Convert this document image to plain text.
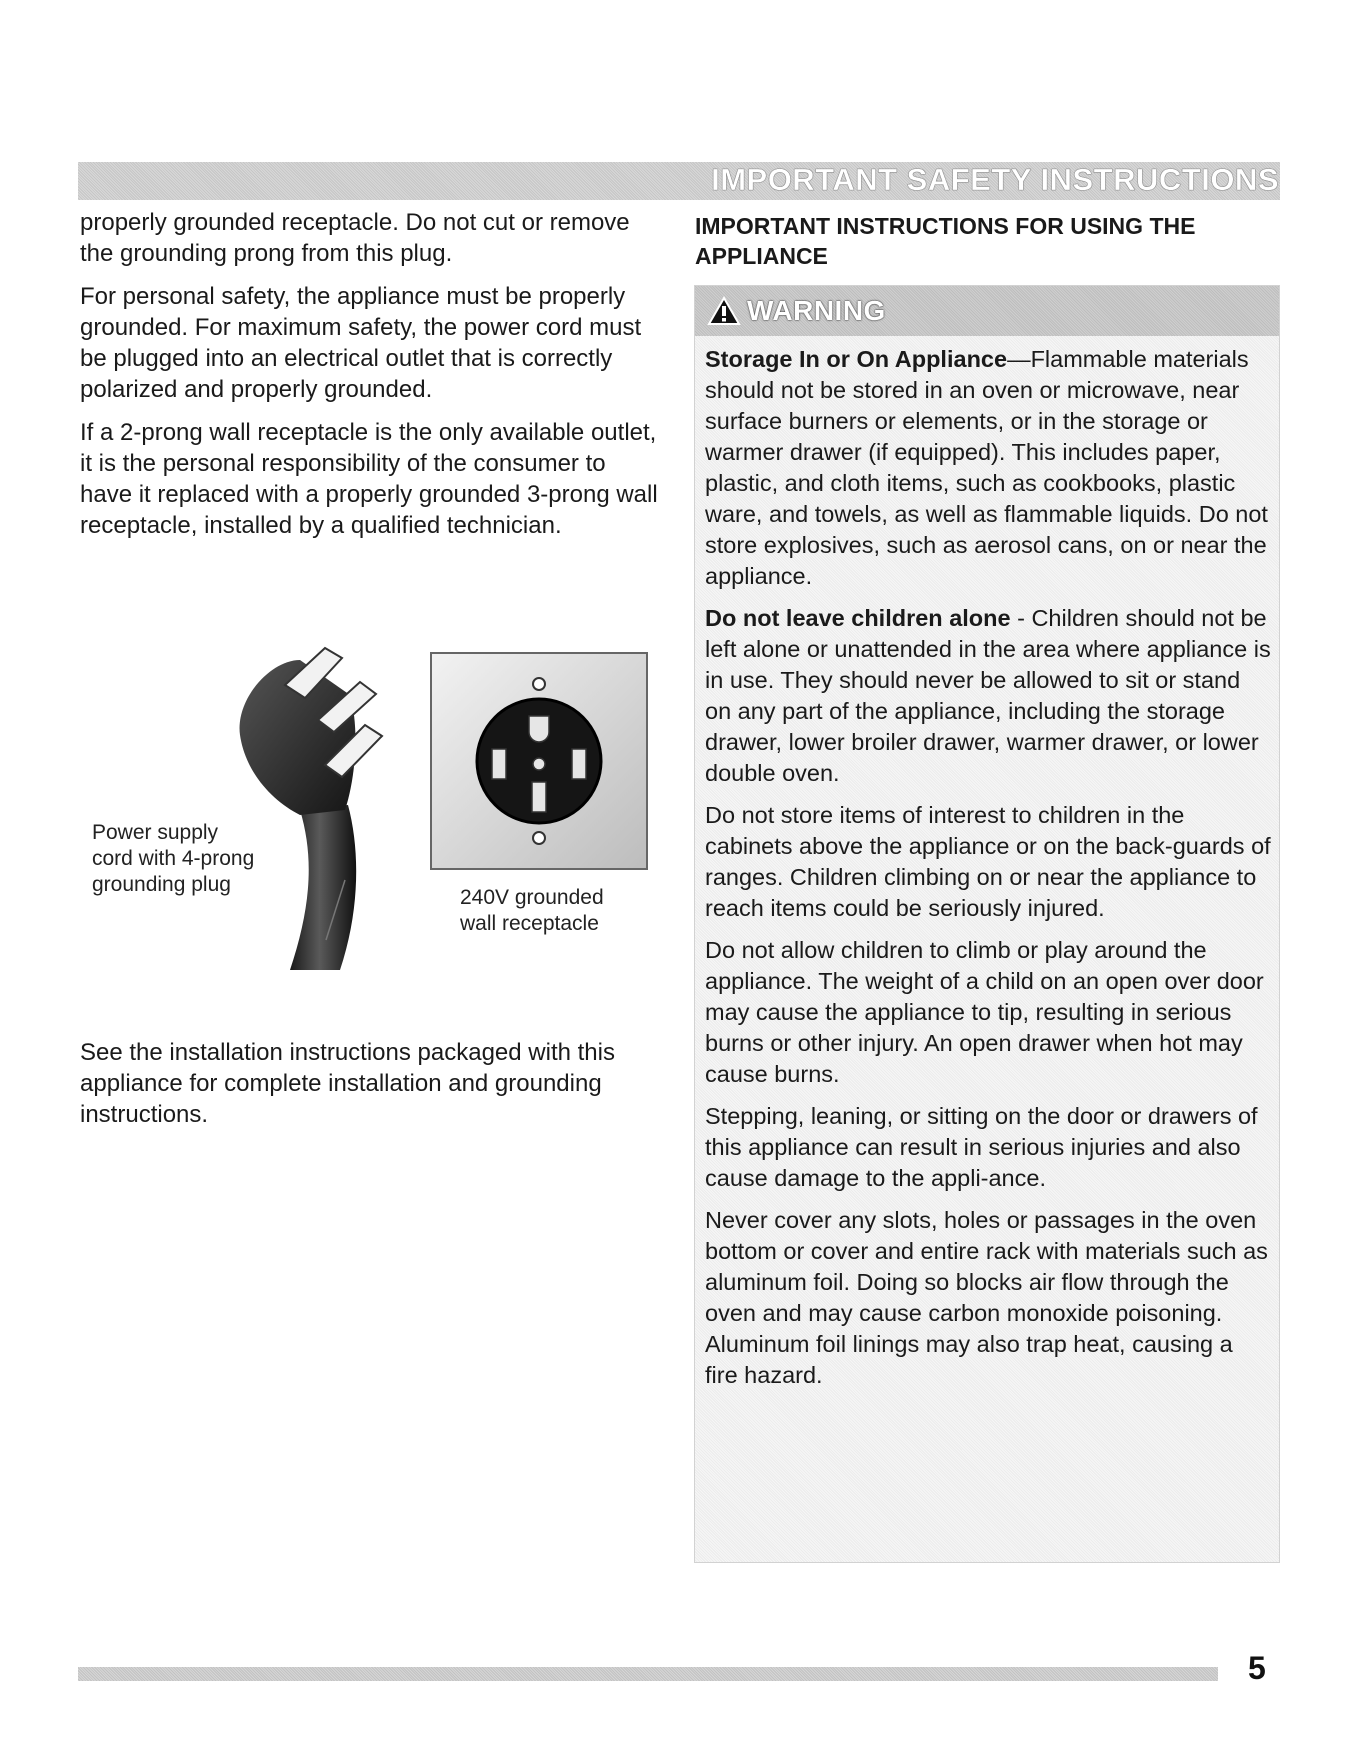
IMPORTANT SAFETY INSTRUCTIONS

properly grounded receptacle. Do not cut or remove the grounding prong from this plug.

For personal safety, the appliance must be properly grounded. For maximum safety, the power cord must be plugged into an electrical outlet that is correctly polarized and properly grounded.

If a 2-prong wall receptacle is the only available outlet, it is the personal responsibility of the consumer to have it replaced with a properly grounded 3-prong wall receptacle, installed by a qualified technician.

Power supply
cord with 4-prong
grounding plug
240V grounded
wall receptacle

See the installation instructions packaged with this appliance for complete installation and grounding instructions.

IMPORTANT INSTRUCTIONS FOR USING THE APPLIANCE

WARNING

Storage In or On Appliance—Flammable materials should not be stored in an oven or microwave, near surface burners or elements, or in the storage or warmer drawer (if equipped). This includes paper, plastic, and cloth items, such as cookbooks, plastic ware, and towels, as well as flammable liquids. Do not store explosives, such as aerosol cans, on or near the appliance.

Do not leave children alone - Children should not be left alone or unattended in the area where appliance is in use. They should never be allowed to sit or stand on any part of the appliance, including the storage drawer, lower broiler drawer, warmer drawer, or lower double oven.

Do not store items of interest to children in the cabinets above the appliance or on the back-guards of ranges. Children climbing on or near the appliance to reach items could be seriously injured.

Do not allow children to climb or play around the appliance. The weight of a child on an open over door may cause the appliance to tip, resulting in serious burns or other injury. An open drawer when hot may cause burns.

Stepping, leaning, or sitting on the door or drawers of this appliance can result in serious injuries and also cause damage to the appli-ance.

Never cover any slots, holes or passages in the oven bottom or cover and entire rack with materials such as aluminum foil. Doing so blocks air flow through the oven and may cause carbon monoxide poisoning. Aluminum foil linings may also trap heat, causing a fire hazard.

5
